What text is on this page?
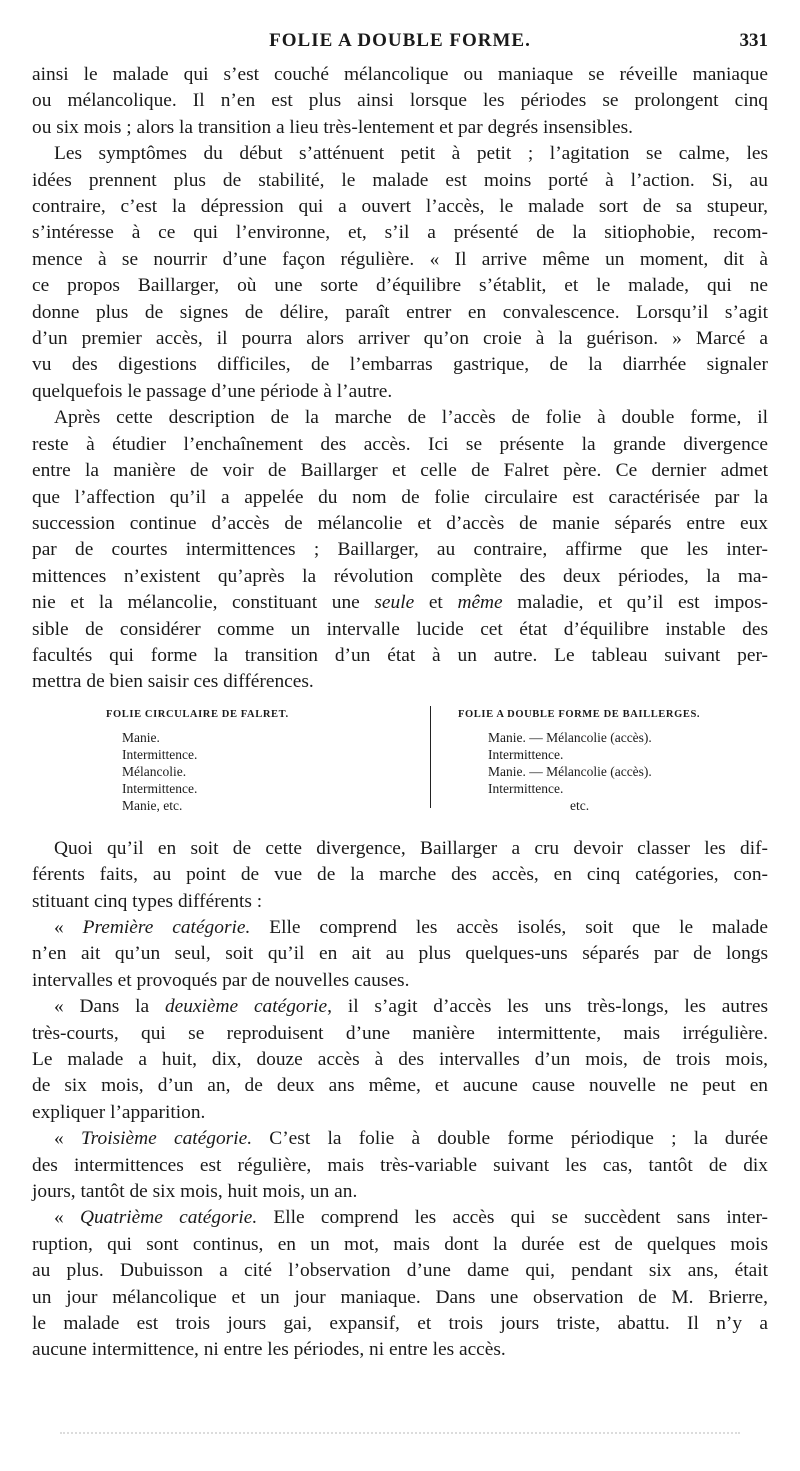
FOLIE A DOUBLE FORME.	331

ainsi le malade qui s’est couché mélancolique ou maniaque se réveille maniaque
ou mélancolique. Il n’en est plus ainsi lorsque les périodes se prolongent cinq
ou six mois ; alors la transition a lieu très-lentement et par degrés insensibles.

Les symptômes du début s’atténuent petit à petit ; l’agitation se calme, les
idées prennent plus de stabilité, le malade est moins porté à l’action. Si, au
contraire, c’est la dépression qui a ouvert l’accès, le malade sort de sa stupeur,
s’intéresse à ce qui l’environne, et, s’il a présenté de la sitiophobie, recom-
mence à se nourrir d’une façon régulière. « Il arrive même un moment, dit à
ce propos Baillarger, où une sorte d’équilibre s’établit, et le malade, qui ne
donne plus de signes de délire, paraît entrer en convalescence. Lorsqu’il s’agit
d’un premier accès, il pourra alors arriver qu’on croie à la guérison. » Marcé a
vu des digestions difficiles, de l’embarras gastrique, de la diarrhée signaler
quelquefois le passage d’une période à l’autre.

Après cette description de la marche de l’accès de folie à double forme, il
reste à étudier l’enchaînement des accès. Ici se présente la grande divergence
entre la manière de voir de Baillarger et celle de Falret père. Ce dernier admet
que l’affection qu’il a appelée du nom de folie circulaire est caractérisée par la
succession continue d’accès de mélancolie et d’accès de manie séparés entre eux
par de courtes intermittences ; Baillarger, au contraire, affirme que les inter-
mittences n’existent qu’après la révolution complète des deux périodes, la ma-
nie et la mélancolie, constituant une seule et même maladie, et qu’il est impos-
sible de considérer comme un intervalle lucide cet état d’équilibre instable des
facultés qui forme la transition d’un état à un autre. Le tableau suivant per-
mettra de bien saisir ces différences.

FOLIE CIRCULAIRE DE FALRET.
Manie.
Intermittence.
Mélancolie.
Intermittence.
Manie, etc.
FOLIE A DOUBLE FORME DE BAILLERGES.
Manie. — Mélancolie (accès).
Intermittence.
Manie. — Mélancolie (accès).
Intermittence.
etc.

Quoi qu’il en soit de cette divergence, Baillarger a cru devoir classer les dif-
férents faits, au point de vue de la marche des accès, en cinq catégories, con-
stituant cinq types différents :

« Première catégorie. Elle comprend les accès isolés, soit que le malade
n’en ait qu’un seul, soit qu’il en ait au plus quelques-uns séparés par de longs
intervalles et provoqués par de nouvelles causes.

« Dans la deuxième catégorie, il s’agit d’accès les uns très-longs, les autres
très-courts, qui se reproduisent d’une manière intermittente, mais irrégulière.
Le malade a huit, dix, douze accès à des intervalles d’un mois, de trois mois,
de six mois, d’un an, de deux ans même, et aucune cause nouvelle ne peut en
expliquer l’apparition.

« Troisième catégorie. C’est la folie à double forme périodique ; la durée
des intermittences est régulière, mais très-variable suivant les cas, tantôt de dix
jours, tantôt de six mois, huit mois, un an.

« Quatrième catégorie. Elle comprend les accès qui se succèdent sans inter-
ruption, qui sont continus, en un mot, mais dont la durée est de quelques mois
au plus. Dubuisson a cité l’observation d’une dame qui, pendant six ans, était
un jour mélancolique et un jour maniaque. Dans une observation de M. Brierre,
le malade est trois jours gai, expansif, et trois jours triste, abattu. Il n’y a
aucune intermittence, ni entre les périodes, ni entre les accès.
